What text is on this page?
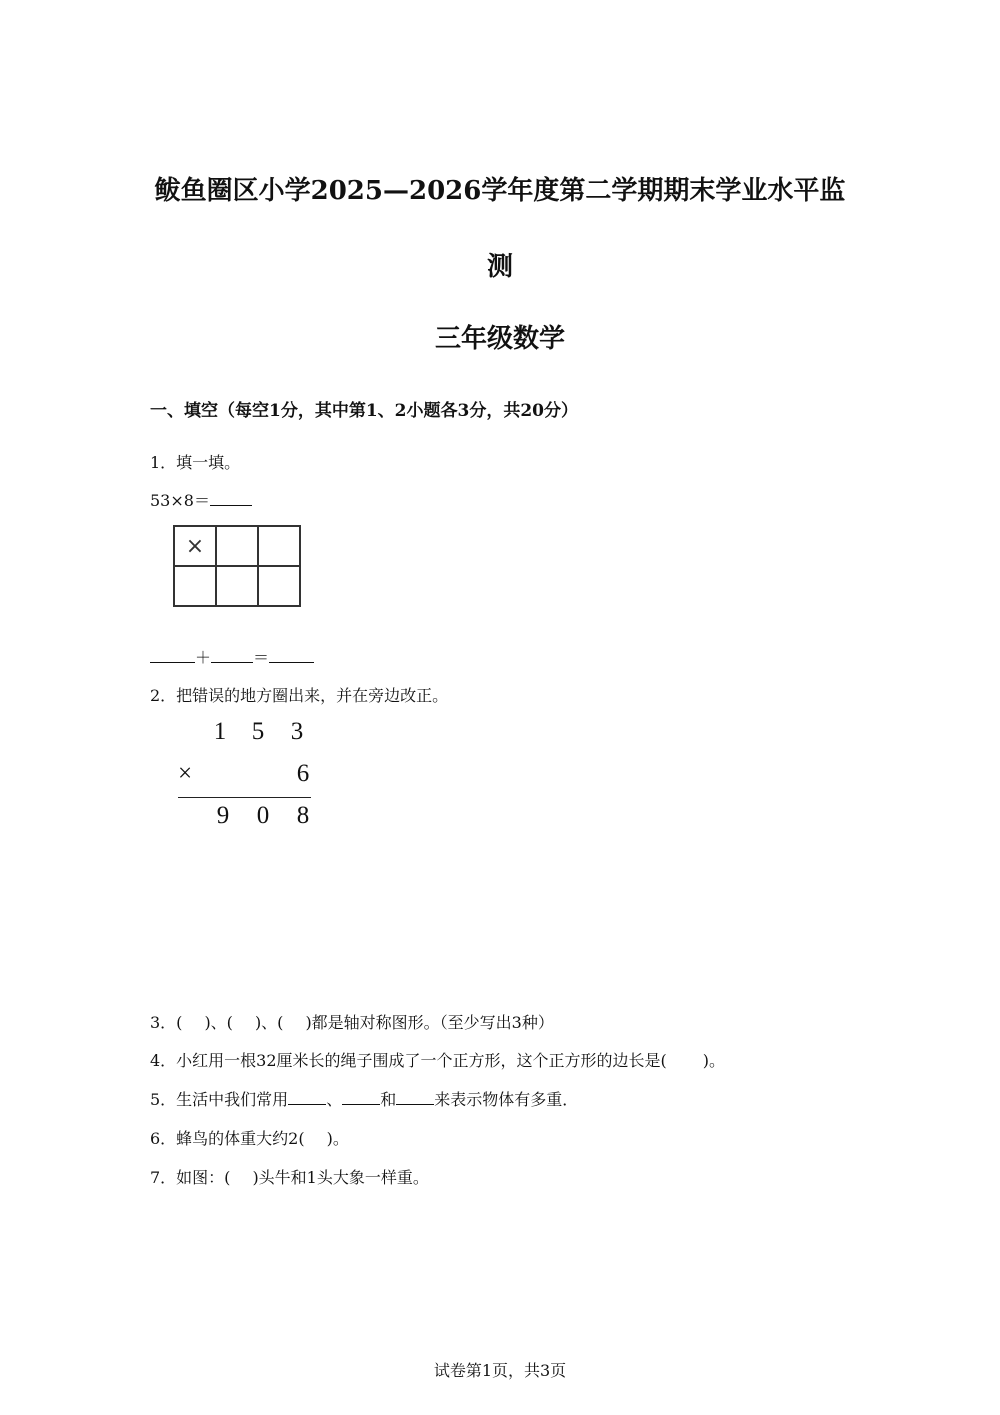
鲅鱼圈区小学2025—2026学年度第二学期期末学业水平监
测
三年级数学
一、填空（每空1分，其中第1、2小题各3分，共20分）
1．填一填。
53×8＝
×		

＋	＝
2．把错误的地方圈出来，并在旁边改正。
1 5 3
×	6
9 0 8
3．( )、( )、( )都是轴对称图形。（至少写出3种）
4．小红用一根32厘米长的绳子围成了一个正方形，这个正方形的边长是( )。
5．生活中我们常用 、 和 来表示物体有多重．
6．蜂鸟的体重大约2( )。
7．如图：( )头牛和1头大象一样重。
试卷第1页，共3页
